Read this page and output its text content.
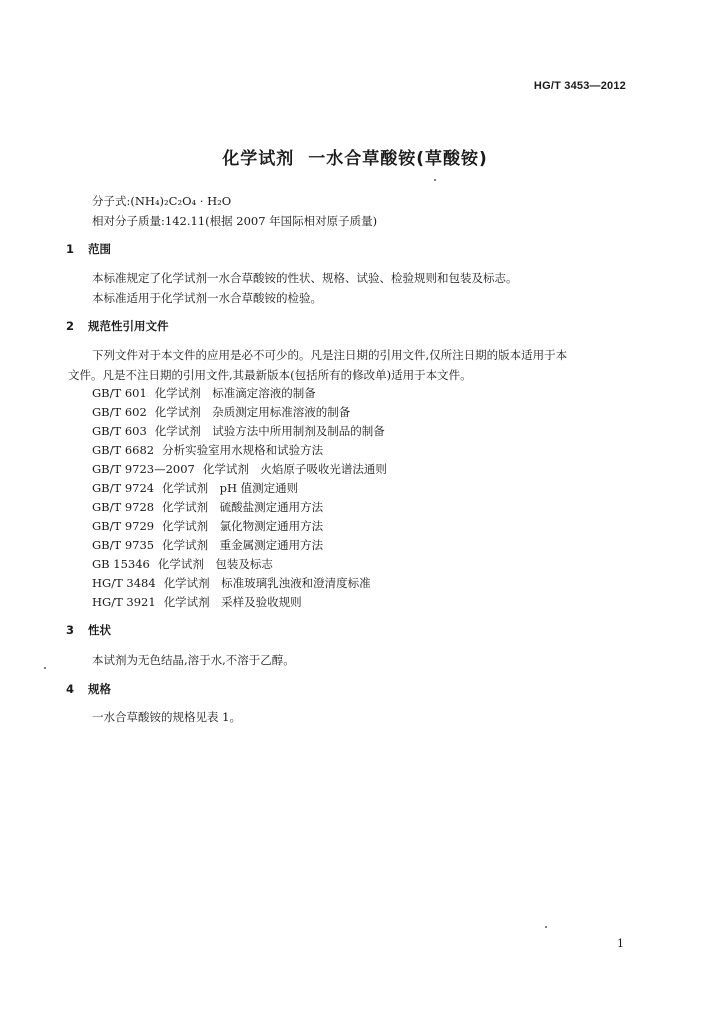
HG/T 3453—2012
化学试剂 一水合草酸铵(草酸铵)
分子式:(NH₄)₂C₂O₄ · H₂O
相对分子质量:142.11(根据 2007 年国际相对原子质量)
1 范围
本标准规定了化学试剂一水合草酸铵的性状、规格、试验、检验规则和包装及标志。
本标准适用于化学试剂一水合草酸铵的检验。
2 规范性引用文件
下列文件对于本文件的应用是必不可少的。凡是注日期的引用文件,仅所注日期的版本适用于本
文件。凡是不注日期的引用文件,其最新版本(包括所有的修改单)适用于本文件。
GB/T 601 化学试剂　标准滴定溶液的制备
GB/T 602 化学试剂　杂质测定用标准溶液的制备
GB/T 603 化学试剂　试验方法中所用制剂及制品的制备
GB/T 6682 分析实验室用水规格和试验方法
GB/T 9723—2007 化学试剂　火焰原子吸收光谱法通则
GB/T 9724 化学试剂　pH 值测定通则
GB/T 9728 化学试剂　硫酸盐测定通用方法
GB/T 9729 化学试剂　氯化物测定通用方法
GB/T 9735 化学试剂　重金属测定通用方法
GB 15346 化学试剂　包装及标志
HG/T 3484 化学试剂　标准玻璃乳浊液和澄清度标准
HG/T 3921 化学试剂　采样及验收规则
3 性状
本试剂为无色结晶,溶于水,不溶于乙醇。
4 规格
一水合草酸铵的规格见表 1。
1
